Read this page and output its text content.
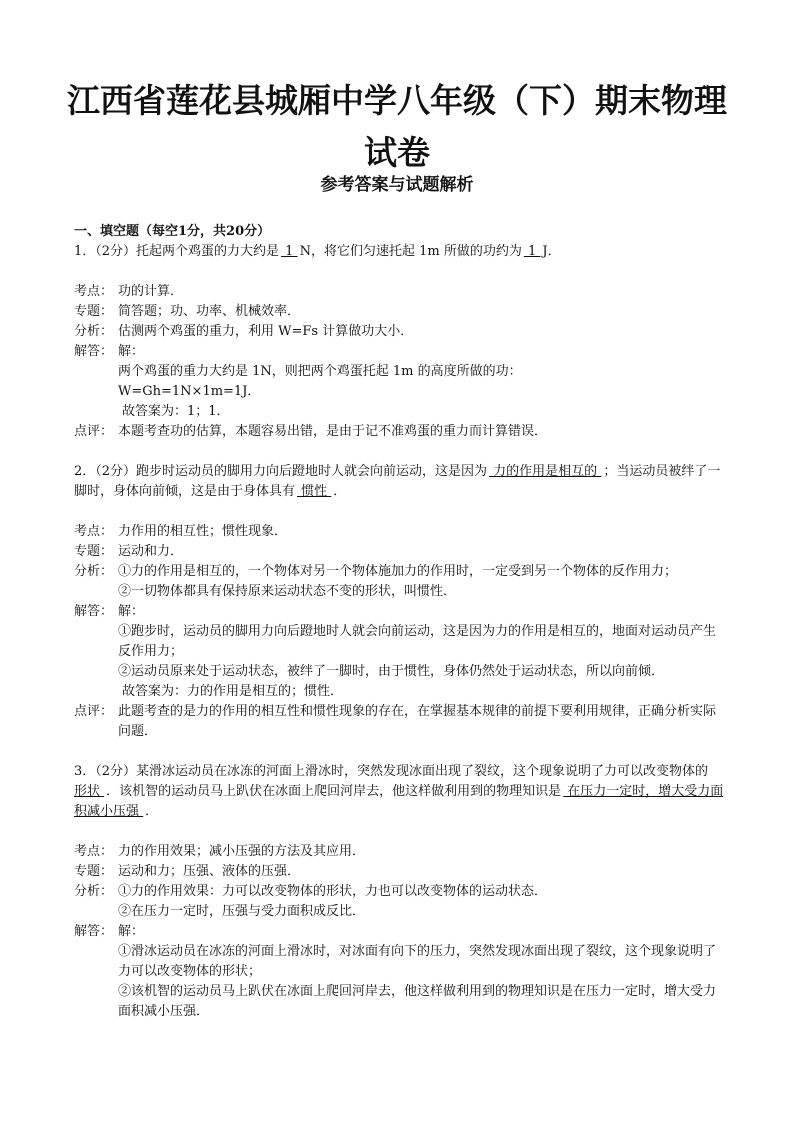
江西省莲花县城厢中学八年级（下）期末物理
试卷
参考答案与试题解析
一、填空题（每空1分，共20分）

1．（2分）托起两个鸡蛋的力大约是 1 N，将它们匀速托起 1m 所做的功约为 1 J．

考点： 功的计算．
专题： 简答题；功、功率、机械效率．
分析： 估测两个鸡蛋的重力，利用 W=Fs 计算做功大小．
解答： 解：
两个鸡蛋的重力大约是 1N，则把两个鸡蛋托起 1m 的高度所做的功：
W=Gh=1N×1m=1J．
故答案为：1；1．
点评： 本题考查功的估算，本题容易出错，是由于记不准鸡蛋的重力而计算错误．

2．（2分）跑步时运动员的脚用力向后蹬地时人就会向前运动，这是因为 力的作用是相互的 ；当运动员被绊了一脚时，身体向前倾，这是由于身体具有 惯性 ．

考点： 力作用的相互性；惯性现象．
专题： 运动和力．
分析： ①力的作用是相互的，一个物体对另一个物体施加力的作用时，一定受到另一个物体的反作用力；
②一切物体都具有保持原来运动状态不变的形状，叫惯性．
解答： 解：
①跑步时，运动员的脚用力向后蹬地时人就会向前运动，这是因为力的作用是相互的，地面对运动员产生反作用力；
②运动员原来处于运动状态，被绊了一脚时，由于惯性，身体仍然处于运动状态，所以向前倾．
故答案为：力的作用是相互的；惯性．
点评： 此题考查的是力的作用的相互性和惯性现象的存在，在掌握基本规律的前提下要利用规律，正确分析实际问题．

3．（2分）某滑冰运动员在冰冻的河面上滑冰时，突然发现冰面出现了裂纹，这个现象说明了力可以改变物体的 形状 ．该机智的运动员马上趴伏在冰面上爬回河岸去，他这样做利用到的物理知识是 在压力一定时，增大受力面积减小压强 ．

考点： 力的作用效果；减小压强的方法及其应用．
专题： 运动和力；压强、液体的压强．
分析： ①力的作用效果：力可以改变物体的形状，力也可以改变物体的运动状态．
②在压力一定时，压强与受力面积成反比．
解答： 解：
①滑冰运动员在冰冻的河面上滑冰时，对冰面有向下的压力，突然发现冰面出现了裂纹，这个现象说明了力可以改变物体的形状；
②该机智的运动员马上趴伏在冰面上爬回河岸去，他这样做利用到的物理知识是在压力一定时，增大受力面积减小压强．
